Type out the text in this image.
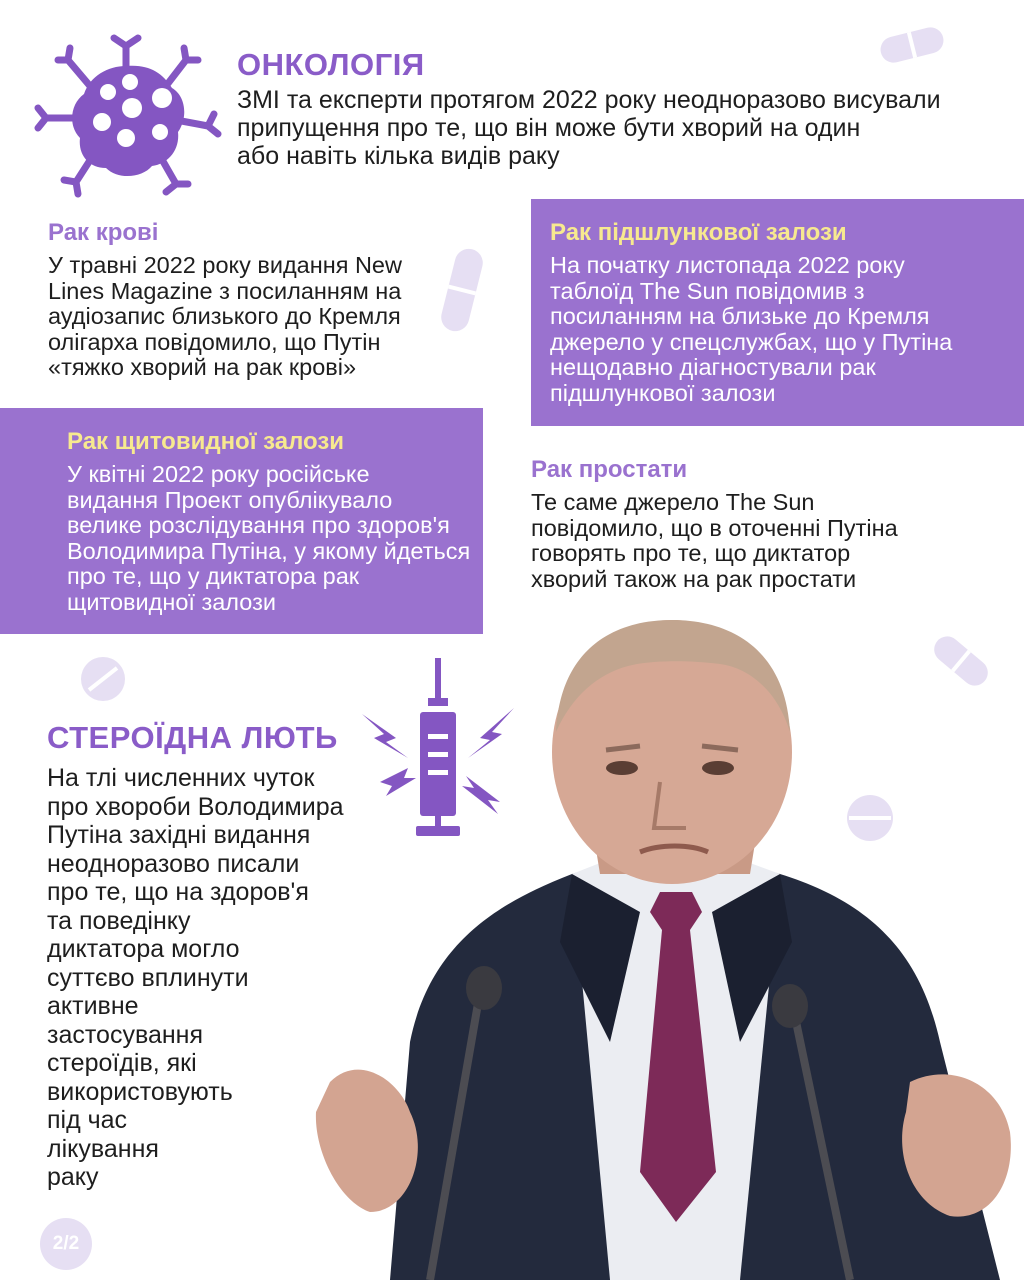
ОНКОЛОГІЯ
ЗМІ та експерти протягом 2022 року неодноразово висували
припущення про те, що він може бути хворий на один
або навіть кілька видів раку
Рак крові
У травні 2022 року видання New
Lines Magazine з посиланням на
аудіозапис близького до Кремля
олігарха повідомило, що Путін
«тяжко хворий на рак крові»
Рак підшлункової залози
На початку листопада 2022 року
таблоїд The Sun повідомив з
посиланням на близьке до Кремля
джерело у спецслужбах, що у Путіна
нещодавно діагностували рак
підшлункової залози
Рак щитовидної залози
У квітні 2022 року російське
видання Проект опублікувало
велике розслідування про здоров'я
Володимира Путіна, у якому йдеться
про те, що у диктатора рак
щитовидної залози
Рак простати
Те саме джерело The Sun
повідомило, що в оточенні Путіна
говорять про те, що диктатор
хворий також на рак простати
СТЕРОЇДНА ЛЮТЬ
На тлі численних чуток
про хвороби Володимира
Путіна західні видання
неодноразово писали
про те, що на здоров'я
та поведінку
диктатора могло
суттєво вплинути
активне
застосування
стероїдів, які
використовують
під час
лікування
раку
2/2
